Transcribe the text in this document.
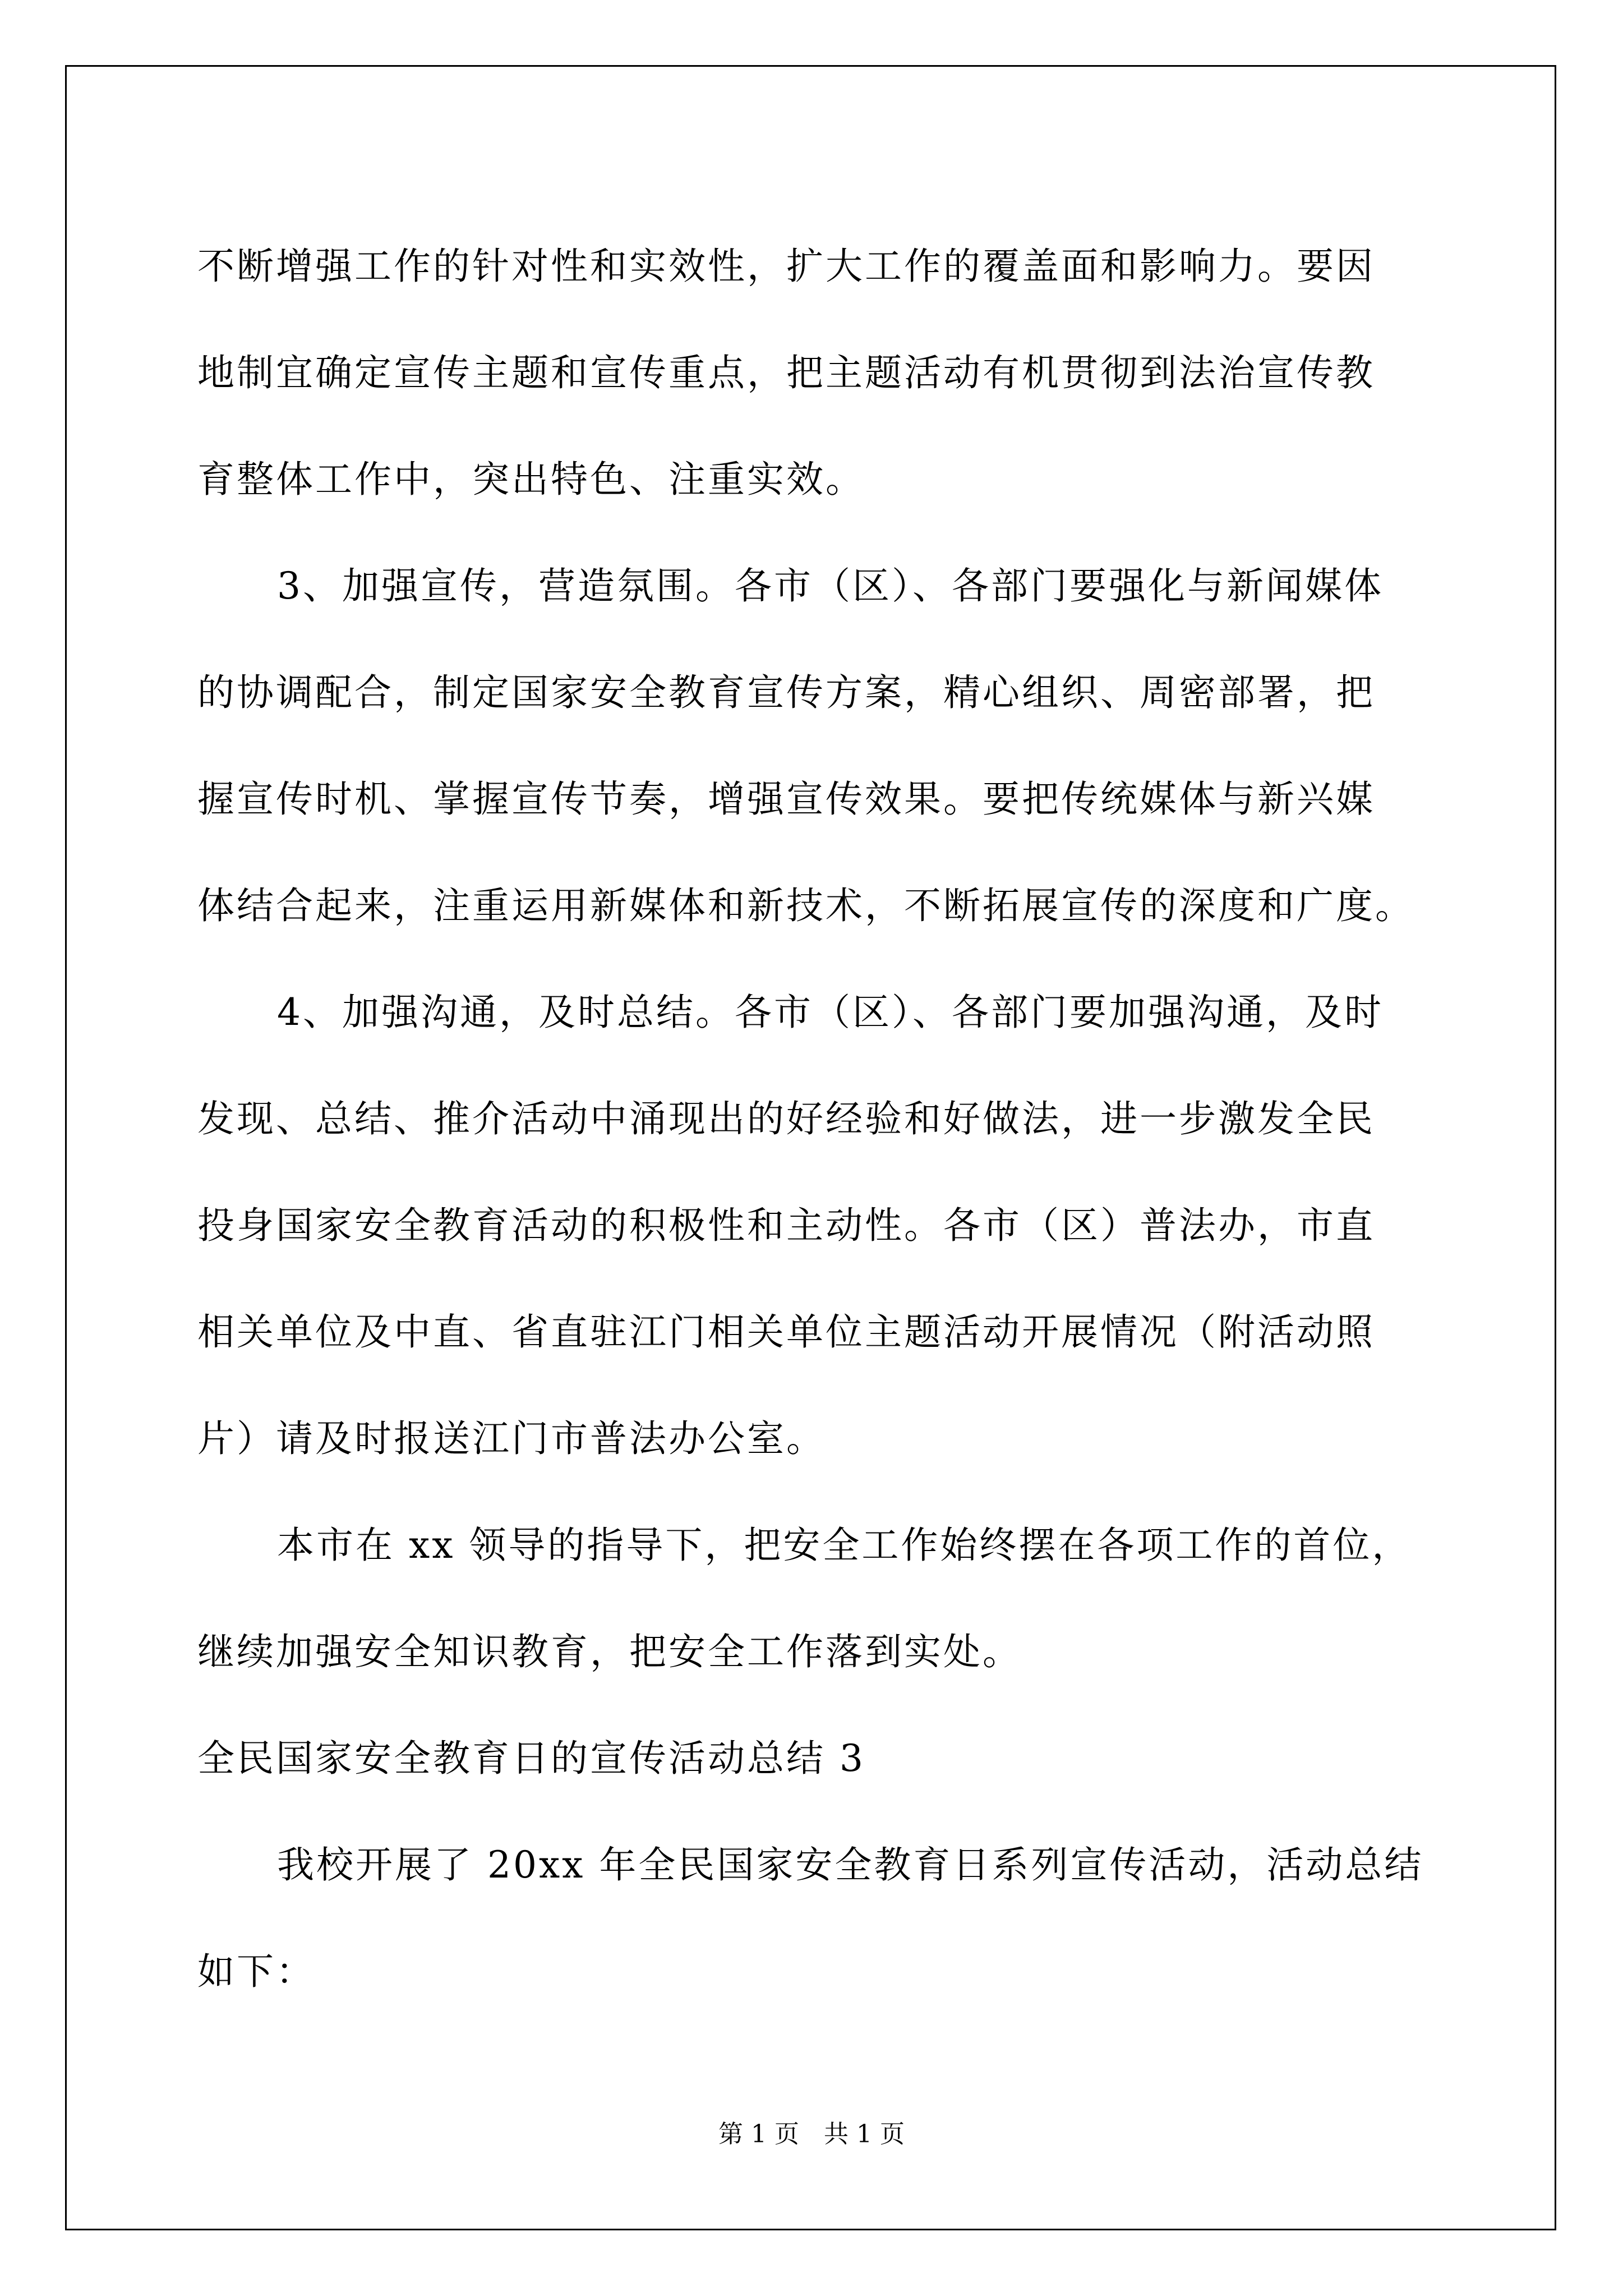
不断增强工作的针对性和实效性，扩大工作的覆盖面和影响力。要因
地制宜确定宣传主题和宣传重点，把主题活动有机贯彻到法治宣传教
育整体工作中，突出特色、注重实效。
3、加强宣传，营造氛围。各市（区）、各部门要强化与新闻媒体
的协调配合，制定国家安全教育宣传方案，精心组织、周密部署，把
握宣传时机、掌握宣传节奏，增强宣传效果。要把传统媒体与新兴媒
体结合起来，注重运用新媒体和新技术，不断拓展宣传的深度和广度。
4、加强沟通，及时总结。各市（区）、各部门要加强沟通，及时
发现、总结、推介活动中涌现出的好经验和好做法，进一步激发全民
投身国家安全教育活动的积极性和主动性。各市（区）普法办，市直
相关单位及中直、省直驻江门相关单位主题活动开展情况（附活动照
片）请及时报送江门市普法办公室。
本市在 xx 领导的指导下，把安全工作始终摆在各项工作的首位，
继续加强安全知识教育，把安全工作落到实处。
全民国家安全教育日的宣传活动总结 3
我校开展了 20xx 年全民国家安全教育日系列宣传活动，活动总结
如下：
第 1 页　共 1 页
